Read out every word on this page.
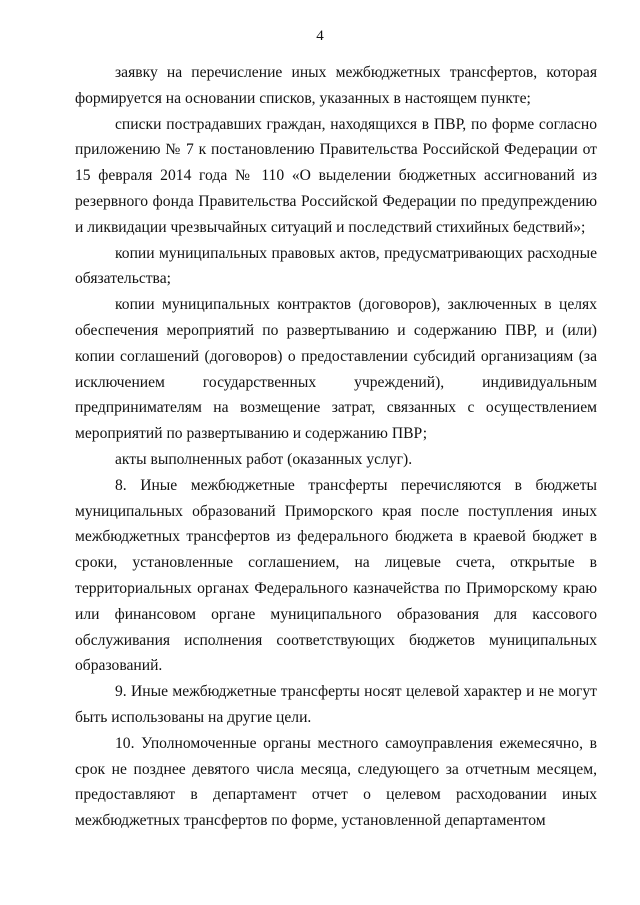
4

заявку на перечисление иных межбюджетных трансфертов, которая формируется на основании списков, указанных в настоящем пункте;

списки пострадавших граждан, находящихся в ПВР, по форме согласно приложению № 7 к постановлению Правительства Российской Федерации от 15 февраля 2014 года № 110 «О выделении бюджетных ассигнований из резервного фонда Правительства Российской Федерации по предупреждению и ликвидации чрезвычайных ситуаций и последствий стихийных бедствий»;

копии муниципальных правовых актов, предусматривающих расходные обязательства;

копии муниципальных контрактов (договоров), заключенных в целях обеспечения мероприятий по развертыванию и содержанию ПВР, и (или) копии соглашений (договоров) о предоставлении субсидий организациям (за исключением государственных учреждений), индивидуальным предпринимателям на возмещение затрат, связанных с осуществлением мероприятий по развертыванию и содержанию ПВР;

акты выполненных работ (оказанных услуг).

8. Иные межбюджетные трансферты перечисляются в бюджеты муниципальных образований Приморского края после поступления иных межбюджетных трансфертов из федерального бюджета в краевой бюджет в сроки, установленные соглашением, на лицевые счета, открытые в территориальных органах Федерального казначейства по Приморскому краю или финансовом органе муниципального образования для кассового обслуживания исполнения соответствующих бюджетов муниципальных образований.

9. Иные межбюджетные трансферты носят целевой характер и не могут быть использованы на другие цели.

10. Уполномоченные органы местного самоуправления ежемесячно, в срок не позднее девятого числа месяца, следующего за отчетным месяцем, предоставляют в департамент отчет о целевом расходовании иных межбюджетных трансфертов по форме, установленной департаментом
